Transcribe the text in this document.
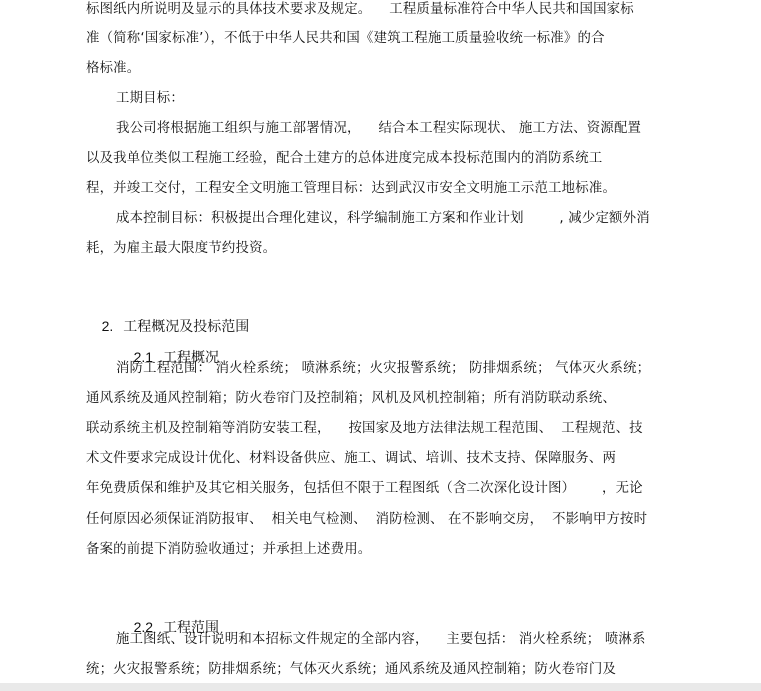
标图纸内所说明及显示的具体技术要求及规定。    工程质量标准符合中华人民共和国国家标
准（简称‘国家标准’），不低于中华人民共和国《建筑工程施工质量验收统一标准》的合
格标准。
工期目标：
我公司将根据施工组织与施工部署情况，    结合本工程实际现状、 施工方法、资源配置
以及我单位类似工程施工经验，配合土建方的总体进度完成本投标范围内的消防系统工
程，并竣工交付，工程安全文明施工管理目标：达到武汉市安全文明施工示范工地标准。
成本控制目标：积极提出合理化建议，科学编制施工方案和作业计划        , 减少定额外消
耗，为雇主最大限度节约投资。

2. 工程概况及投标范围

2.1 工程概况

消防工程范围： 消火栓系统； 喷淋系统；火灾报警系统； 防排烟系统； 气体灭火系统；
通风系统及通风控制箱；防火卷帘门及控制箱；风机及风机控制箱；所有消防联动系统、
联动系统主机及控制箱等消防安装工程，    按国家及地方法律法规工程范围、  工程规范、技
术文件要求完成设计优化、材料设备供应、施工、调试、培训、技术支持、保障服务、两
年免费质保和维护及其它相关服务，包括但不限于工程图纸（含二次深化设计图）      ，无论
任何原因必须保证消防报审、  相关电气检测、  消防检测、 在不影响交房，  不影响甲方按时
备案的前提下消防验收通过；并承担上述费用。

2.2 工程范围

施工图纸、设计说明和本招标文件规定的全部内容，    主要包括： 消火栓系统； 喷淋系
统；火灾报警系统；防排烟系统；气体灭火系统；通风系统及通风控制箱；防火卷帘门及
